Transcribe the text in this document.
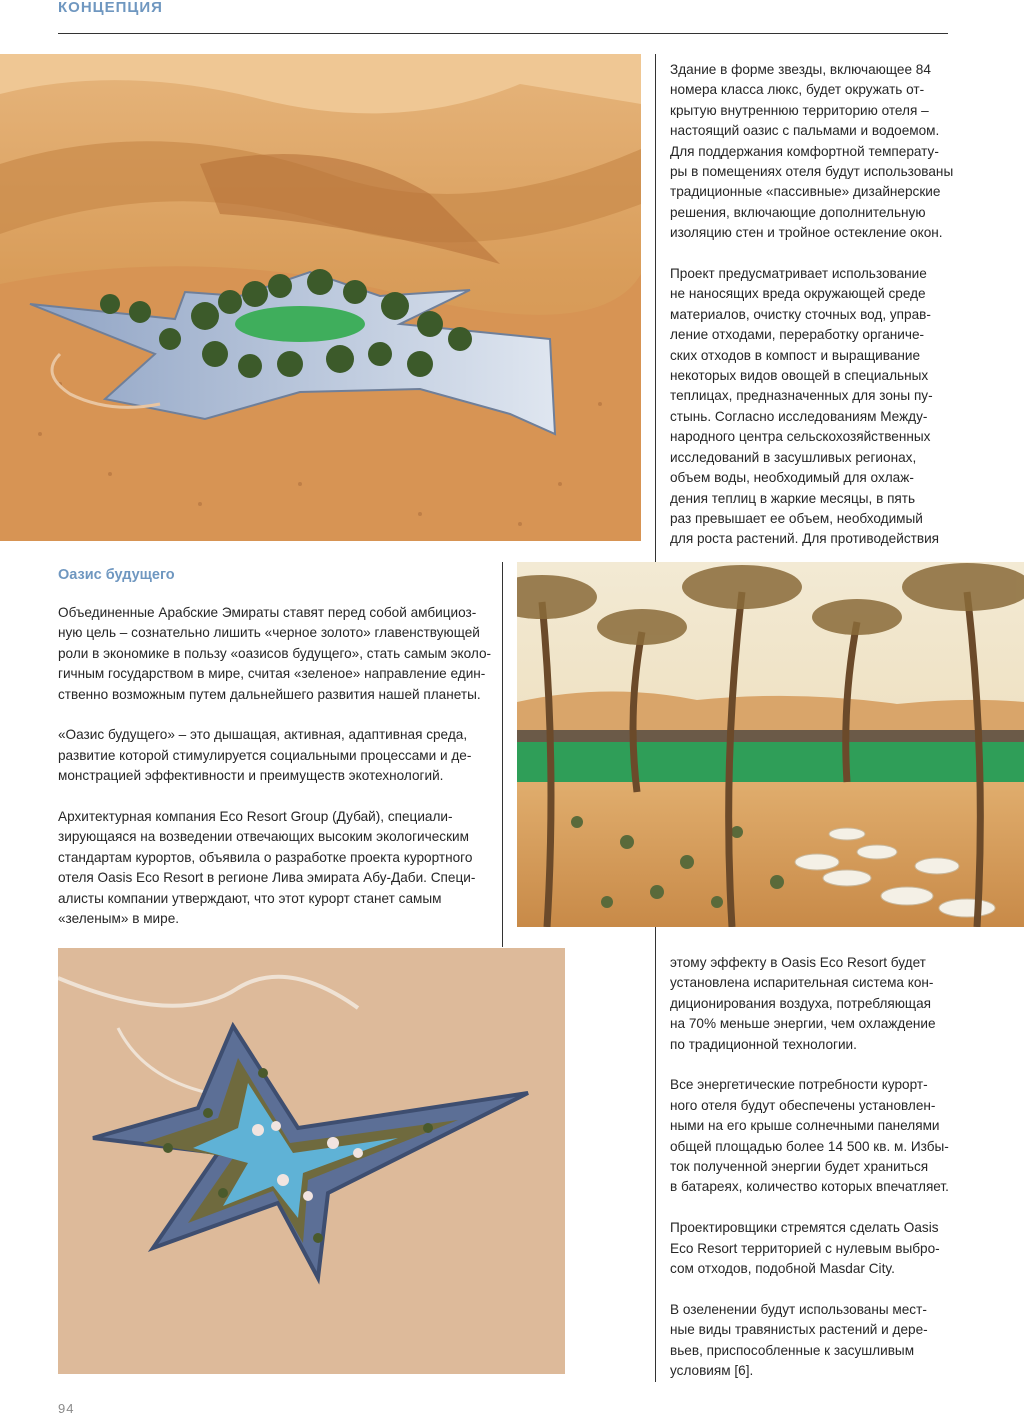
КОНЦЕПЦИЯ

Здание в форме звезды, включающее 84
номера класса люкс, будет окружать от-
крытую внутреннюю территорию отеля –
настоящий оазис с пальмами и водоемом.
Для поддержания комфортной температу-
ры в помещениях отеля будут использованы
традиционные «пассивные» дизайнерские
решения, включающие дополнительную
изоляцию стен и тройное остекление окон.

Проект предусматривает использование
не наносящих вреда окружающей среде
материалов, очистку сточных вод, управ-
ление отходами, переработку органиче-
ских отходов в компост и выращивание
некоторых видов овощей в специальных
теплицах, предназначенных для зоны пу-
стынь. Согласно исследованиям Между-
народного центра сельскохозяйственных
исследований в засушливых регионах,
объем воды, необходимый для охлаж-
дения теплиц в жаркие месяцы, в пять
раз превышает ее объем, необходимый
для роста растений. Для противодействия

Оазис будущего

Объединенные Арабские Эмираты ставят перед собой амбициоз-
ную цель – сознательно лишить «черное золото» главенствующей
роли в экономике в пользу «оазисов будущего», стать самым эколо-
гичным государством в мире, считая «зеленое» направление един-
ственно возможным путем дальнейшего развития нашей планеты.

«Оазис будущего» – это дышащая, активная, адаптивная среда,
развитие которой стимулируется социальными процессами и де-
монстрацией эффективности и преимуществ экотехнологий.

Архитектурная компания Eco Resort Group (Дубай), специали-
зирующаяся на возведении отвечающих высоким экологическим
стандартам курортов, объявила о разработке проекта курортного
отеля Oasis Eco Resort в регионе Лива эмирата Абу-Даби. Специ-
алисты компании утверждают, что этот курорт станет самым
«зеленым» в мире.

этому эффекту в Oasis Eco Resort будет
установлена испарительная система кон-
диционирования воздуха, потребляющая
на 70% меньше энергии, чем охлаждение
по традиционной технологии.

Все энергетические потребности курорт-
ного отеля будут обеспечены установлен-
ными на его крыше солнечными панелями
общей площадью более 14 500 кв. м. Избы-
ток полученной энергии будет храниться
в батареях, количество которых впечатляет.

Проектировщики стремятся сделать Oasis
Eco Resort территорией с нулевым выбро-
сом отходов, подобной Masdar City.

В озеленении будут использованы мест-
ные виды травянистых растений и дере-
вьев, приспособленные к засушливым
условиям [6].

94
